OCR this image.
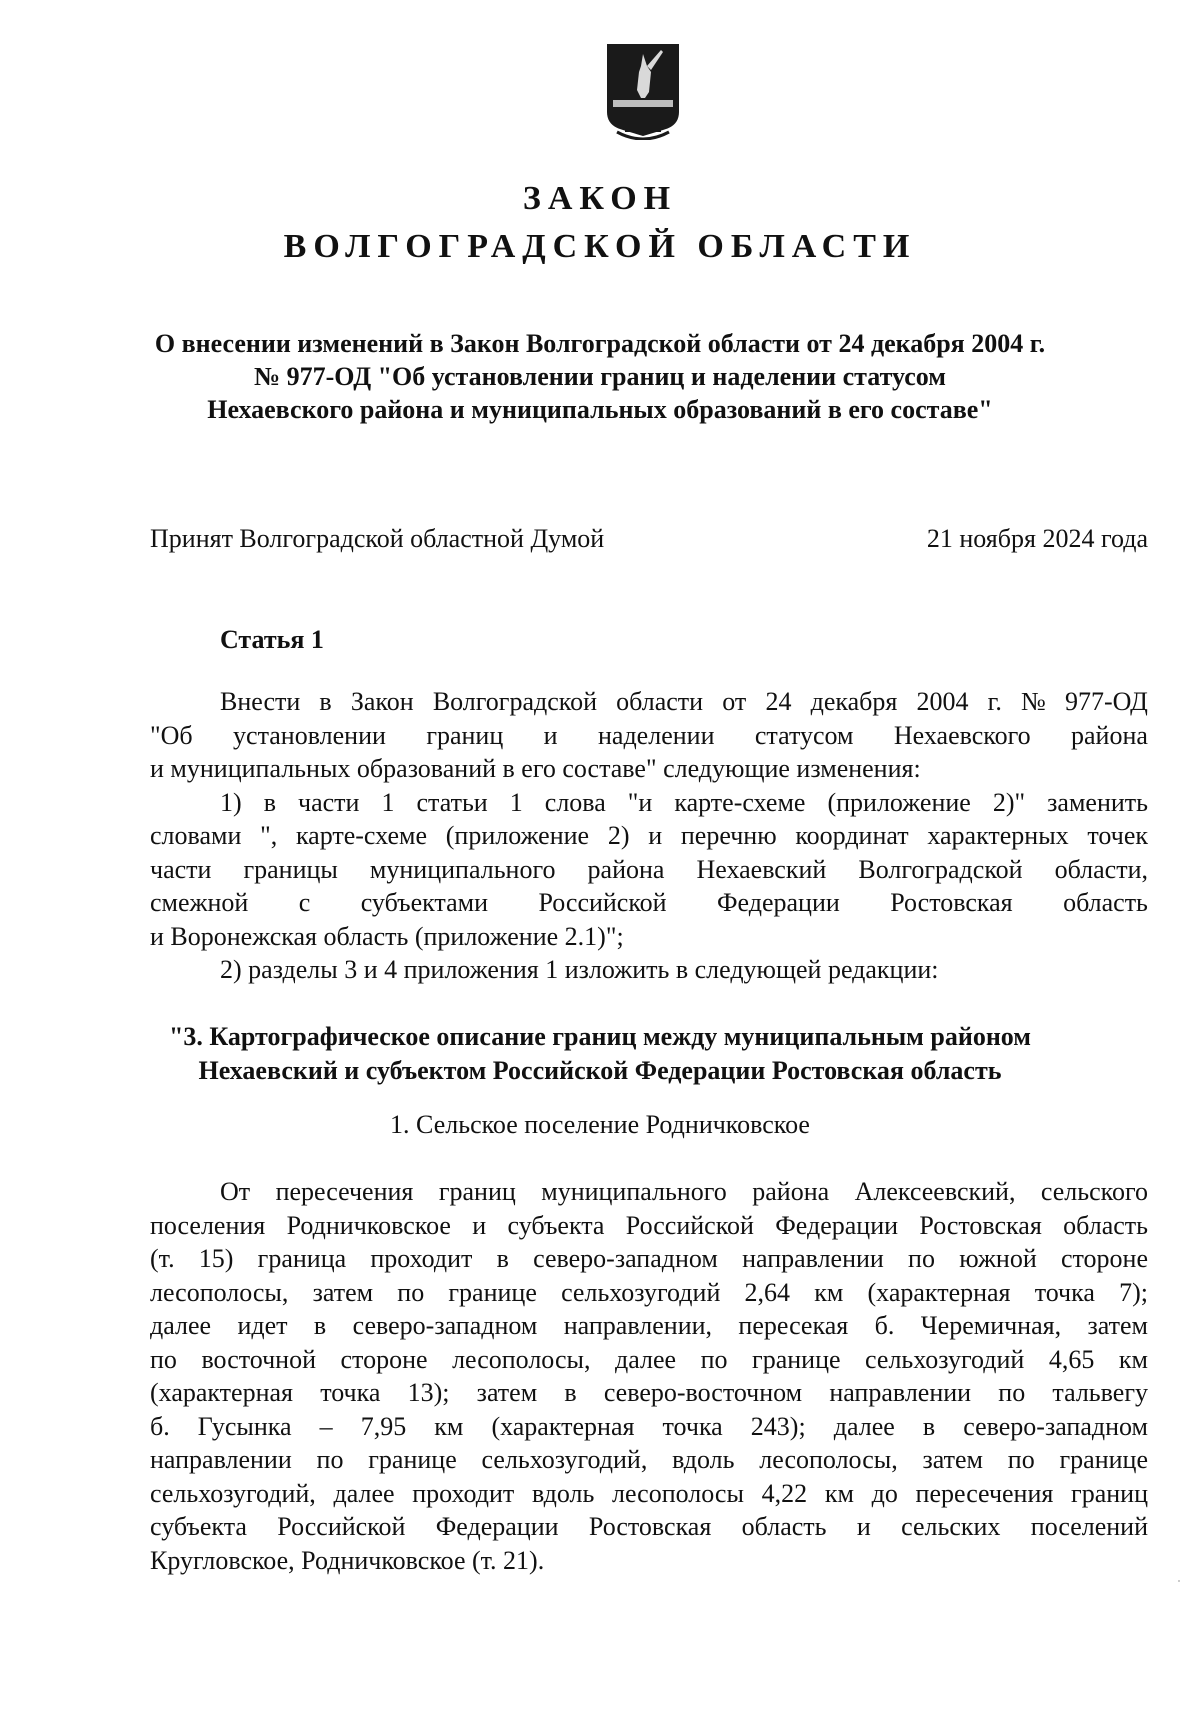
ЗАКОН
ВОЛГОГРАДСКОЙ ОБЛАСТИ
О внесении изменений в Закон Волгоградской области от 24 декабря 2004 г.
№ 977-ОД "Об установлении границ и наделении статусом
Нехаевского района и муниципальных образований в его составе"
Принят Волгоградской областной Думой	21 ноября 2024 года
Статья 1
Внести в Закон Волгоградской области от 24 декабря 2004 г. № 977-ОД
"Об установлении границ и наделении статусом Нехаевского района
и муниципальных образований в его составе" следующие изменения:
1) в части 1 статьи 1 слова "и карте-схеме (приложение 2)" заменить
словами ", карте-схеме (приложение 2) и перечню координат характерных точек
части границы муниципального района Нехаевский Волгоградской области,
смежной с субъектами Российской Федерации Ростовская область
и Воронежская область (приложение 2.1)";
2) разделы 3 и 4 приложения 1 изложить в следующей редакции:
"3. Картографическое описание границ между муниципальным районом
Нехаевский и субъектом Российской Федерации Ростовская область
1. Сельское поселение Родничковское
От пересечения границ муниципального района Алексеевский, сельского
поселения Родничковское и субъекта Российской Федерации Ростовская область
(т. 15) граница проходит в северо-западном направлении по южной стороне
лесополосы, затем по границе сельхозугодий 2,64 км (характерная точка 7);
далее идет в северо-западном направлении, пересекая б. Черемичная, затем
по восточной стороне лесополосы, далее по границе сельхозугодий 4,65 км
(характерная точка 13); затем в северо-восточном направлении по тальвегу
б. Гусынка – 7,95 км (характерная точка 243); далее в северо-западном
направлении по границе сельхозугодий, вдоль лесополосы, затем по границе
сельхозугодий, далее проходит вдоль лесополосы 4,22 км до пересечения границ
субъекта Российской Федерации Ростовская область и сельских поселений
Кругловское, Родничковское (т. 21).
